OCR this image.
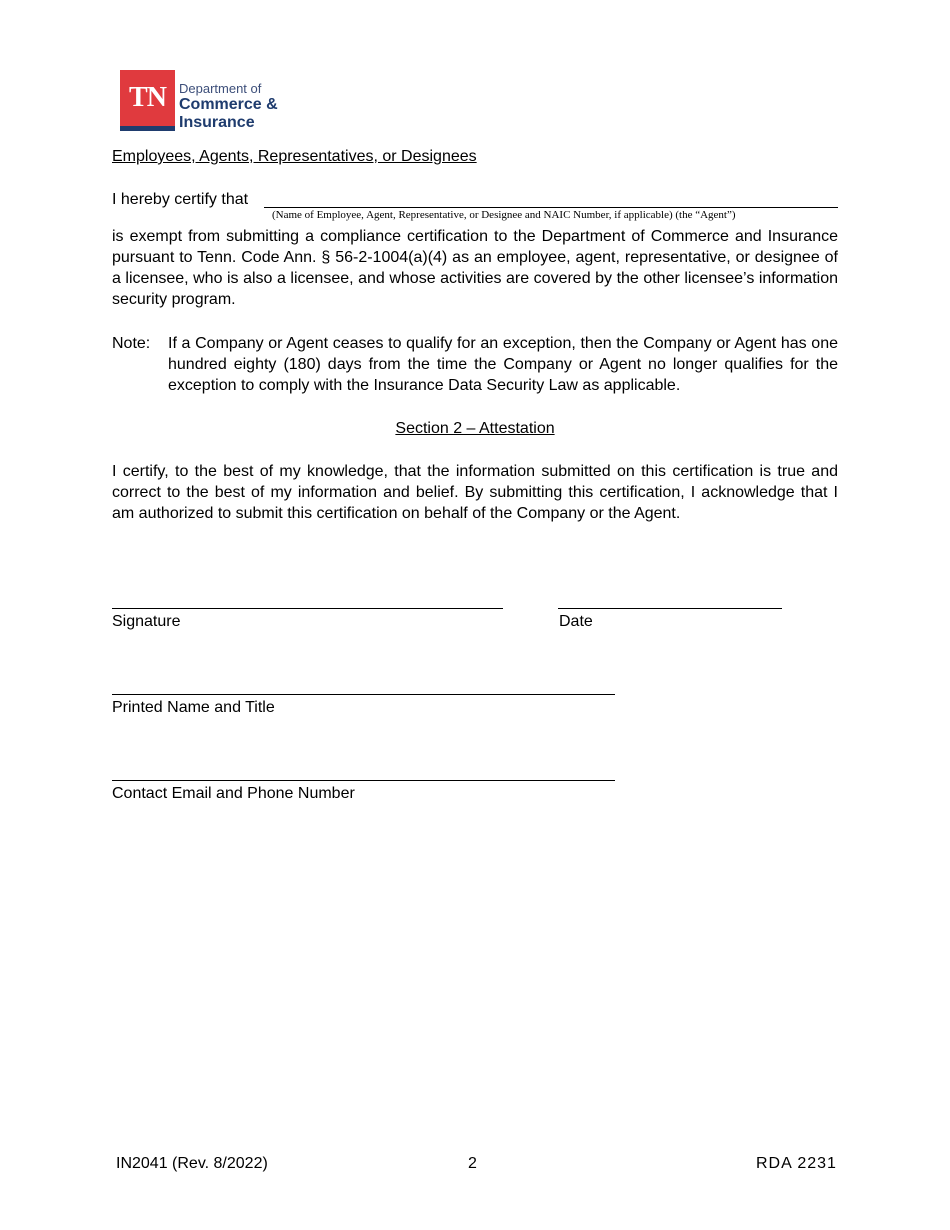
TN	Department of
Commerce &
Insurance
Employees, Agents, Representatives, or Designees
I hereby certify that
(Name of Employee, Agent, Representative, or Designee and NAIC Number, if applicable) (the “Agent”)
is exempt from submitting a compliance certification to the Department of Commerce and Insurance pursuant to Tenn. Code Ann. § 56-2-1004(a)(4) as an employee, agent, representative, or designee of a licensee, who is also a licensee, and whose activities are covered by the other licensee’s information security program.
Note: If a Company or Agent ceases to qualify for an exception, then the Company or Agent has one hundred eighty (180) days from the time the Company or Agent no longer qualifies for the exception to comply with the Insurance Data Security Law as applicable.
Section 2 – Attestation
I certify, to the best of my knowledge, that the information submitted on this certification is true and correct to the best of my information and belief. By submitting this certification, I acknowledge that I am authorized to submit this certification on behalf of the Company or the Agent.
Signature	Date
Printed Name and Title
Contact Email and Phone Number
IN2041 (Rev. 8/2022)	2	RDA 2231
